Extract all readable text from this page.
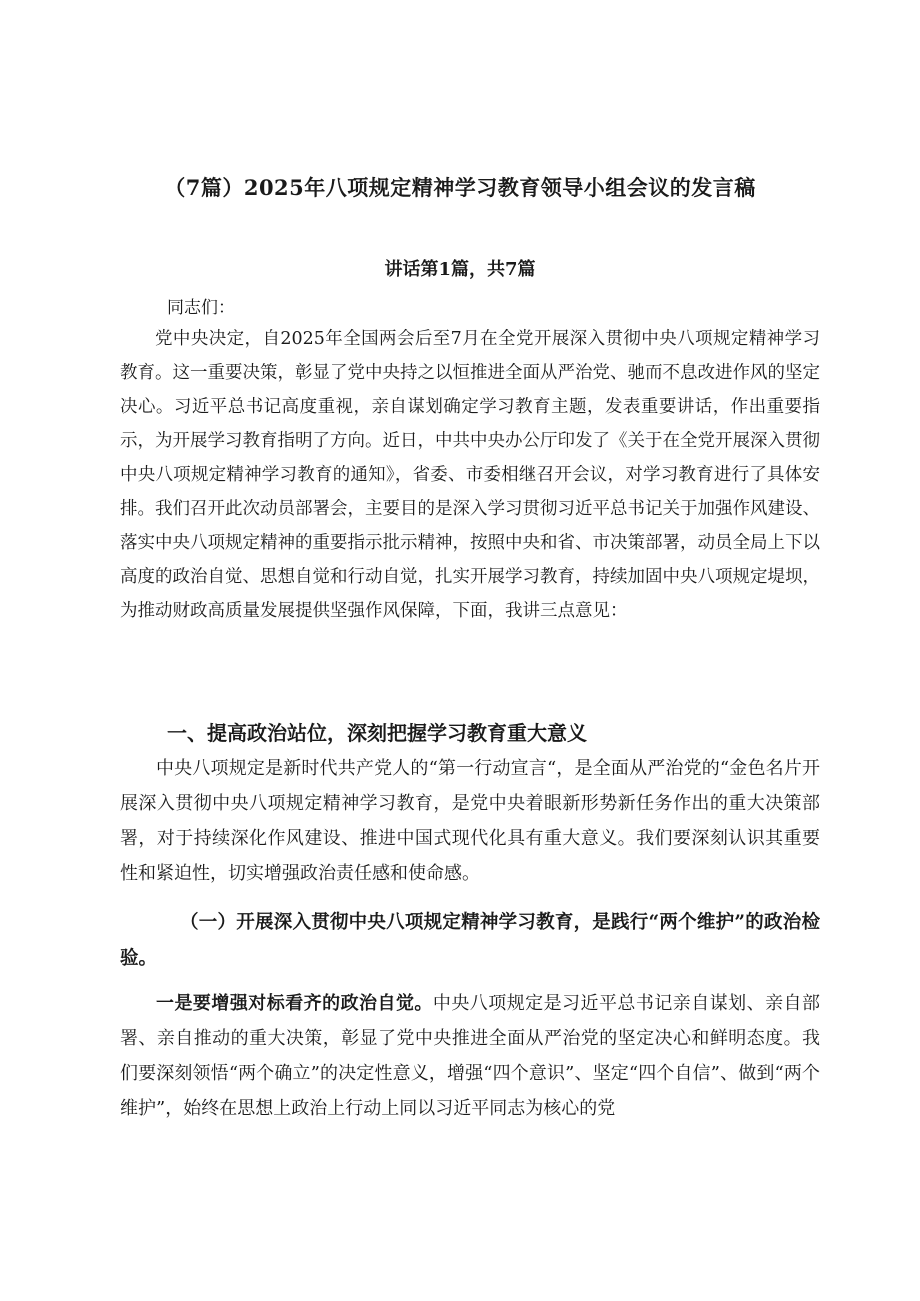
（7篇）2025年八项规定精神学习教育领导小组会议的发言稿
讲话第1篇，共7篇
同志们：

党中央决定，自2025年全国两会后至7月在全党开展深入贯彻中央八项规定精神学习教育。这一重要决策，彰显了党中央持之以恒推进全面从严治党、驰而不息改进作风的坚定决心。习近平总书记高度重视，亲自谋划确定学习教育主题，发表重要讲话，作出重要指示，为开展学习教育指明了方向。近日，中共中央办公厅印发了《关于在全党开展深入贯彻中央八项规定精神学习教育的通知》，省委、市委相继召开会议，对学习教育进行了具体安排。我们召开此次动员部署会，主要目的是深入学习贯彻习近平总书记关于加强作风建设、落实中央八项规定精神的重要指示批示精神，按照中央和省、市决策部署，动员全局上下以高度的政治自觉、思想自觉和行动自觉，扎实开展学习教育，持续加固中央八项规定堤坝，为推动财政高质量发展提供坚强作风保障，下面，我讲三点意见：

一、提高政治站位，深刻把握学习教育重大意义

中央八项规定是新时代共产党人的“第一行动宣言“，是全面从严治党的“金色名片开展深入贯彻中央八项规定精神学习教育，是党中央着眼新形势新任务作出的重大决策部署，对于持续深化作风建设、推进中国式现代化具有重大意义。我们要深刻认识其重要性和紧迫性，切实增强政治责任感和使命感。

（一）开展深入贯彻中央八项规定精神学习教育，是践行“两个维护”的政治检验。

一是要增强对标看齐的政治自觉。中央八项规定是习近平总书记亲自谋划、亲自部署、亲自推动的重大决策，彰显了党中央推进全面从严治党的坚定决心和鲜明态度。我们要深刻领悟“两个确立”的决定性意义，增强“四个意识”、坚定“四个自信”、做到“两个维护”，始终在思想上政治上行动上同以习近平同志为核心的党
